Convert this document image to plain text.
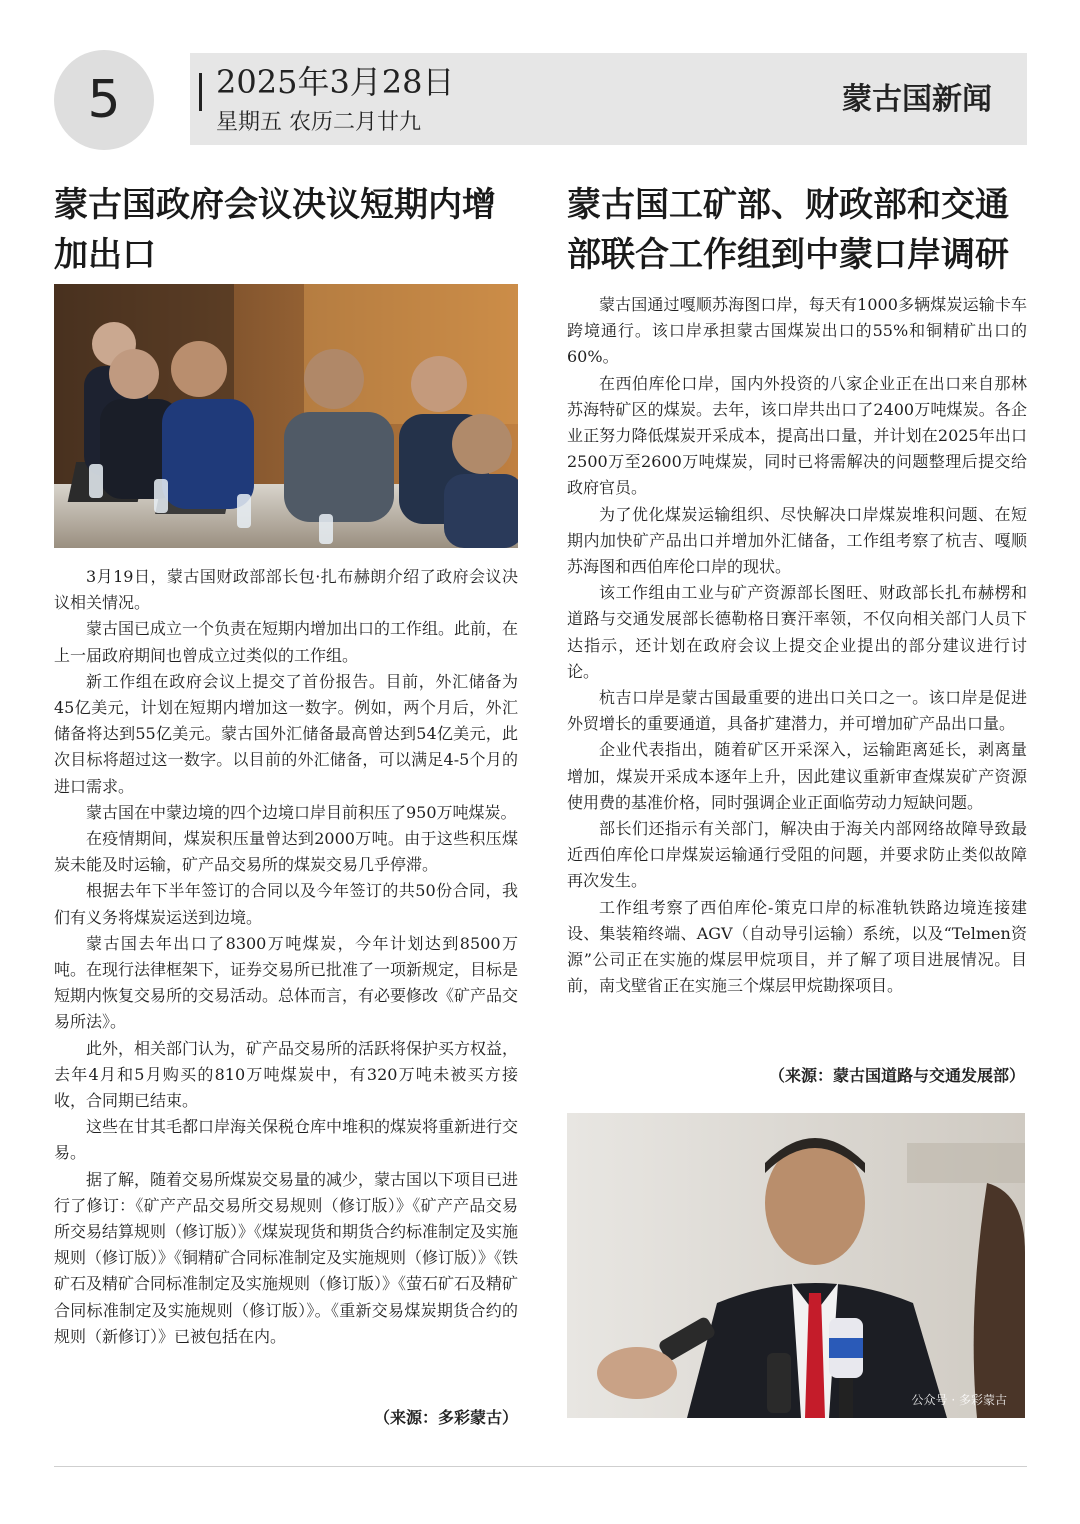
5	2025年3月28日
星期五 农历二月廿九
蒙古国新闻
蒙古国政府会议决议短期内增加出口

3月19日，蒙古国财政部部长包·扎布赫朗介绍了政府会议决议相关情况。

蒙古国已成立一个负责在短期内增加出口的工作组。此前，在上一届政府期间也曾成立过类似的工作组。

新工作组在政府会议上提交了首份报告。目前，外汇储备为45亿美元，计划在短期内增加这一数字。例如，两个月后，外汇储备将达到55亿美元。蒙古国外汇储备最高曾达到54亿美元，此次目标将超过这一数字。以目前的外汇储备，可以满足4-5个月的进口需求。

蒙古国在中蒙边境的四个边境口岸目前积压了950万吨煤炭。

在疫情期间，煤炭积压量曾达到2000万吨。由于这些积压煤炭未能及时运输，矿产品交易所的煤炭交易几乎停滞。

根据去年下半年签订的合同以及今年签订的共50份合同，我们有义务将煤炭运送到边境。

蒙古国去年出口了8300万吨煤炭，今年计划达到8500万吨。在现行法律框架下，证券交易所已批准了一项新规定，目标是短期内恢复交易所的交易活动。总体而言，有必要修改《矿产品交易所法》。

此外，相关部门认为，矿产品交易所的活跃将保护买方权益，去年4月和5月购买的810万吨煤炭中，有320万吨未被买方接收，合同期已结束。

这些在甘其毛都口岸海关保税仓库中堆积的煤炭将重新进行交易。

据了解，随着交易所煤炭交易量的减少，蒙古国以下项目已进行了修订：《矿产产品交易所交易规则（修订版）》《矿产产品交易所交易结算规则（修订版）》《煤炭现货和期货合约标准制定及实施规则（修订版）》《铜精矿合同标准制定及实施规则（修订版）》《铁矿石及精矿合同标准制定及实施规则（修订版）》《萤石矿石及精矿合同标准制定及实施规则（修订版）》。《重新交易煤炭期货合约的规则（新修订）》已被包括在内。

（来源：多彩蒙古）
蒙古国工矿部、财政部和交通部联合工作组到中蒙口岸调研

蒙古国通过嘎顺苏海图口岸，每天有1000多辆煤炭运输卡车跨境通行。该口岸承担蒙古国煤炭出口的55%和铜精矿出口的60%。

在西伯库伦口岸，国内外投资的八家企业正在出口来自那林苏海特矿区的煤炭。去年，该口岸共出口了2400万吨煤炭。各企业正努力降低煤炭开采成本，提高出口量，并计划在2025年出口2500万至2600万吨煤炭，同时已将需解决的问题整理后提交给政府官员。

为了优化煤炭运输组织、尽快解决口岸煤炭堆积问题、在短期内加快矿产品出口并增加外汇储备，工作组考察了杭吉、嘎顺苏海图和西伯库伦口岸的现状。

该工作组由工业与矿产资源部长图旺、财政部长扎布赫楞和道路与交通发展部长德勒格日赛汗率领，不仅向相关部门人员下达指示，还计划在政府会议上提交企业提出的部分建议进行讨论。

杭吉口岸是蒙古国最重要的进出口关口之一。该口岸是促进外贸增长的重要通道，具备扩建潜力，并可增加矿产品出口量。

企业代表指出，随着矿区开采深入，运输距离延长，剥离量增加，煤炭开采成本逐年上升，因此建议重新审查煤炭矿产资源使用费的基准价格，同时强调企业正面临劳动力短缺问题。

部长们还指示有关部门，解决由于海关内部网络故障导致最近西伯库伦口岸煤炭运输通行受阻的问题，并要求防止类似故障再次发生。

工作组考察了西伯库伦-策克口岸的标准轨铁路边境连接建设、集装箱终端、AGV（自动导引运输）系统，以及“Telmen资源”公司正在实施的煤层甲烷项目，并了解了项目进展情况。目前，南戈壁省正在实施三个煤层甲烷勘探项目。

（来源：蒙古国道路与交通发展部）
公众号 · 多彩蒙古
